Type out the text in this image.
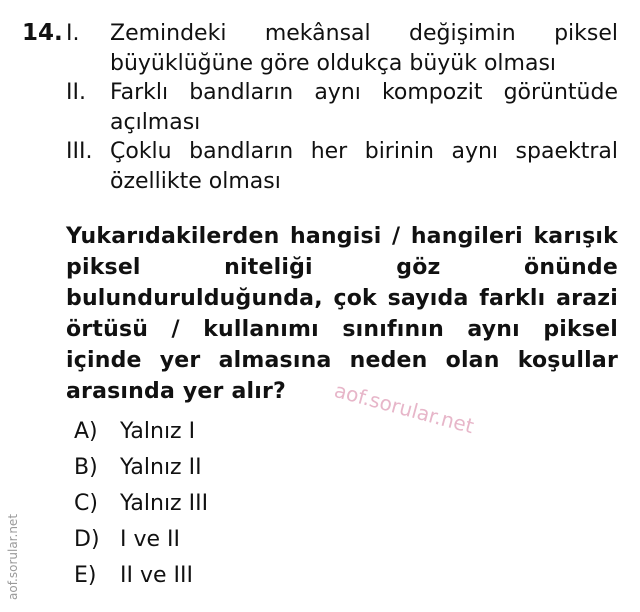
14. I. Zemindeki mekânsal değişimin piksel büyüklüğüne göre oldukça büyük olması
II. Farklı bandların aynı kompozit görüntüde açılması
III. Çoklu bandların her birinin aynı spaektral özellikte olması
Yukarıdakilerden hangisi / hangileri karışık piksel niteliği göz önünde bulundurulduğunda, çok sayıda farklı arazi örtüsü / kullanımı sınıfının aynı piksel içinde yer almasına neden olan koşullar arasında yer alır?	aof.sorular.net
A)	Yalnız I
B)	Yalnız II
C)	Yalnız III
D) I ve II
E)	II ve III
aof.sorular.net
